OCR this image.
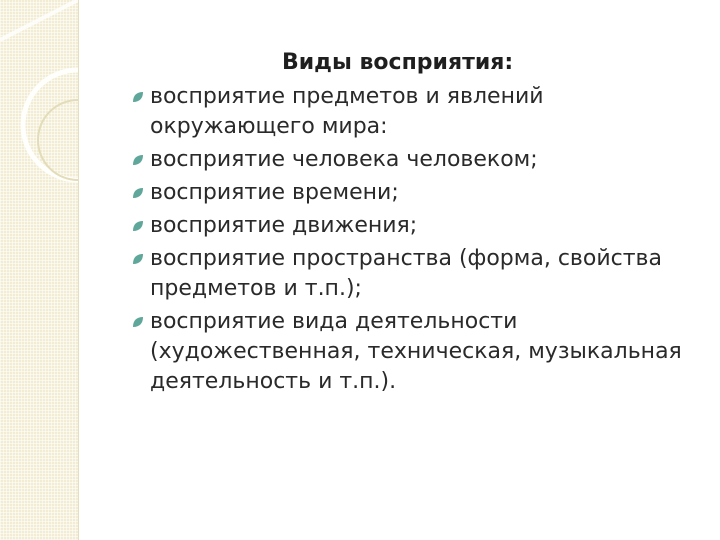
Виды восприятия:
восприятие предметов и явлений окружающего мира:
восприятие человека человеком;
восприятие времени;
восприятие движения;
восприятие пространства (форма, свойства предметов и т.п.);
восприятие вида деятельности (художественная, техническая, музыкальная деятельность и т.п.).
